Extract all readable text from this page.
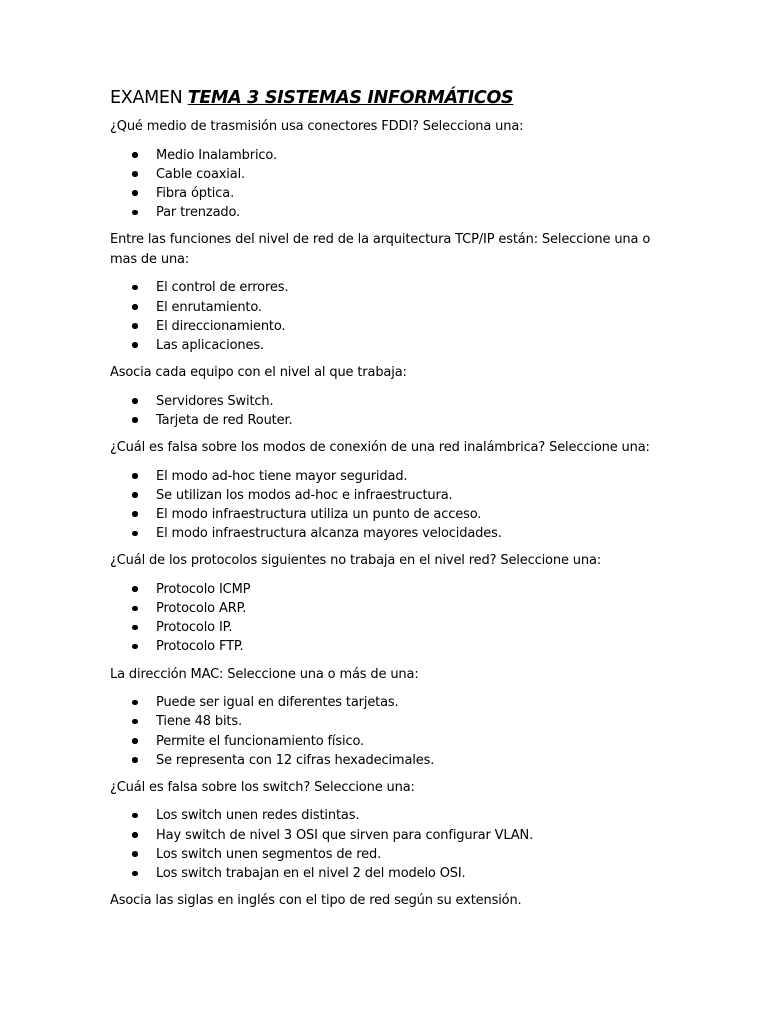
EXAMEN TEMA 3 SISTEMAS INFORMÁTICOS

¿Qué medio de trasmisión usa conectores FDDI? Selecciona una:

Medio Inalambrico.
Cable coaxial.
Fibra óptica.
Par trenzado.

Entre las funciones del nivel de red de la arquitectura TCP/IP están: Seleccione una o mas de una:

El control de errores.
El enrutamiento.
El direccionamiento.
Las aplicaciones.

Asocia cada equipo con el nivel al que trabaja:

Servidores Switch.
Tarjeta de red Router.

¿Cuál es falsa sobre los modos de conexión de una red inalámbrica? Seleccione una:

El modo ad-hoc tiene mayor seguridad.
Se utilizan los modos ad-hoc e infraestructura.
El modo infraestructura utiliza un punto de acceso.
El modo infraestructura alcanza mayores velocidades.

¿Cuál de los protocolos siguientes no trabaja en el nivel red? Seleccione una:

Protocolo ICMP
Protocolo ARP.
Protocolo IP.
Protocolo FTP.

La dirección MAC: Seleccione una o más de una:

Puede ser igual en diferentes tarjetas.
Tiene 48 bits.
Permite el funcionamiento físico.
Se representa con 12 cifras hexadecimales.

¿Cuál es falsa sobre los switch? Seleccione una:

Los switch unen redes distintas.
Hay switch de nivel 3 OSI que sirven para configurar VLAN.
Los switch unen segmentos de red.
Los switch trabajan en el nivel 2 del modelo OSI.

Asocia las siglas en inglés con el tipo de red según su extensión.
